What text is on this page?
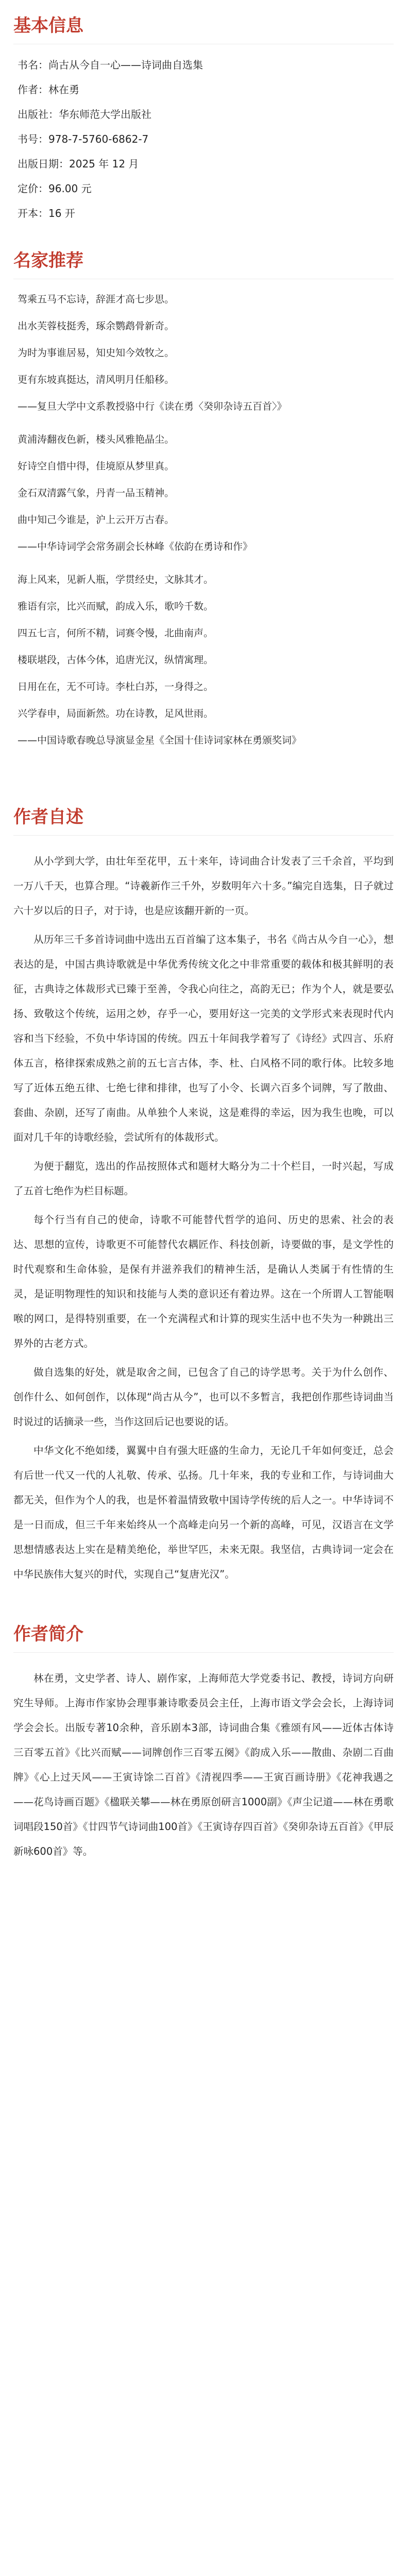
基本信息

书名：尚古从今自一心——诗词曲自选集

作者：林在勇

出版社：华东师范大学出版社

书号：978-7-5760-6862-7

出版日期：2025 年 12 月

定价：96.00 元

开本：16 开

名家推荐

驾乘五马不忘诗，辞涯才高七步思。

出水芙蓉枝挺秀，琢余鹦鹉骨新奇。

为时为事谁居易，知史知今效牧之。

更有东坡真挺达，清风明月任船移。

——复旦大学中文系教授骆中行《读在勇〈癸卯杂诗五百首〉》

黄浦涛翻夜色新，楼头风雅艳晶尘。

好诗空自惜中得，佳境原从梦里真。

金石双清露气象，丹青一品玉精神。

曲中知己今谁是，沪上云开万古春。

——中华诗词学会常务副会长林峰《依韵在勇诗和作》

海上风来，见新人瓶，学贯经史，文脉其才。

雅语有宗，比兴而赋，韵成入乐，歌吟千数。

四五七言，何所不精，词赛令慢，北曲南声。

楼联堪段，古体今体，追唐光汉，纵情寓理。

日用在在，无不可诗。李杜白苏，一身得之。

兴学春申，局面新然。功在诗教，足风世雨。

——中国诗歌春晚总导演显金星《全国十佳诗词家林在勇颁奖词》

作者自述

从小学到大学，由壮年至花甲，五十来年，诗词曲合计发表了三千余首，平均到一万八千天，也算合理。“诗羲新作三千外，岁数明年六十多。”编完自选集，日子就过六十岁以后的日子，对于诗，也是应该翻开新的一页。

从历年三千多首诗词曲中选出五百首编了这本集子，书名《尚古从今自一心》，想表达的是，中国古典诗歌就是中华优秀传统文化之中非常重要的载体和极其鲜明的表征，古典诗之体裁形式已臻于至善，令我心向往之，高韵无已；作为个人，就是要弘扬、致敬这个传统，运用之妙，存乎一心，要用好这一完美的文学形式来表现时代内容和当下经验，不负中华诗国的传统。四五十年间我学着写了《诗经》式四言、乐府体五言，格律探索成熟之前的五七言古体，李、杜、白风格不同的歌行体。比较多地写了近体五绝五律、七绝七律和排律，也写了小令、长调六百多个词牌，写了散曲、套曲、杂剧，还写了南曲。从单独个人来说，这是难得的幸运，因为我生也晚，可以面对几千年的诗歌经验，尝试所有的体裁形式。

为便于翻览，选出的作品按照体式和题材大略分为二十个栏目，一时兴起，写成了五首七绝作为栏目标题。

每个行当有自己的使命，诗歌不可能替代哲学的追问、历史的思索、社会的表达、思想的宣传，诗歌更不可能替代农耦匠作、科技创新，诗要做的事，是文学性的时代观察和生命体验，是保有并滋养我们的精神生活，是确认人类属于有性情的生灵，是证明物理性的知识和技能与人类的意识还有着边界。这在一个所谓人工智能咽喉的网口，是得特别重要，在一个充满程式和计算的现实生活中也不失为一种跳出三界外的古老方式。

做自选集的好处，就是取舍之间，已包含了自己的诗学思考。关于为什么创作、创作什么、如何创作，以体现“尚古从今”，也可以不多暂言，我把创作那些诗词曲当时说过的话摘录一些，当作这回后记也要说的话。

中华文化不绝如缕，翼翼中自有强大旺盛的生命力，无论几千年如何变迁，总会有后世一代又一代的人礼敬、传承、弘扬。几十年来，我的专业和工作，与诗词曲大都无关，但作为个人的我，也是怀着温情致敬中国诗学传统的后人之一。中华诗词不是一日而成，但三千年来始终从一个高峰走向另一个新的高峰，可见，汉语言在文学思想情感表达上实在是精美绝伦，举世罕匹，未来无限。我坚信，古典诗词一定会在中华民族伟大复兴的时代，实现自己“复唐光汉”。

作者简介

林在勇，文史学者、诗人、剧作家，上海师范大学党委书记、教授，诗词方向研究生导师。上海市作家协会理事兼诗歌委员会主任，上海市语文学会会长，上海诗词学会会长。出版专著10余种，音乐剧本3部，诗词曲合集《雅颂有风——近体古体诗三百零五首》《比兴而赋——词牌创作三百零五阕》《韵成入乐——散曲、杂剧二百曲牌》《心上过天风——王寅诗馀二百首》《清视四季——王寅百画诗册》《花神我遇之——花鸟诗画百题》《楹联关攀——林在勇原创研言1000副》《声尘记道——林在勇歌词唱段150首》《廿四节气诗词曲100首》《王寅诗存四百首》《癸卯杂诗五百首》《甲辰新咏600首》等。
